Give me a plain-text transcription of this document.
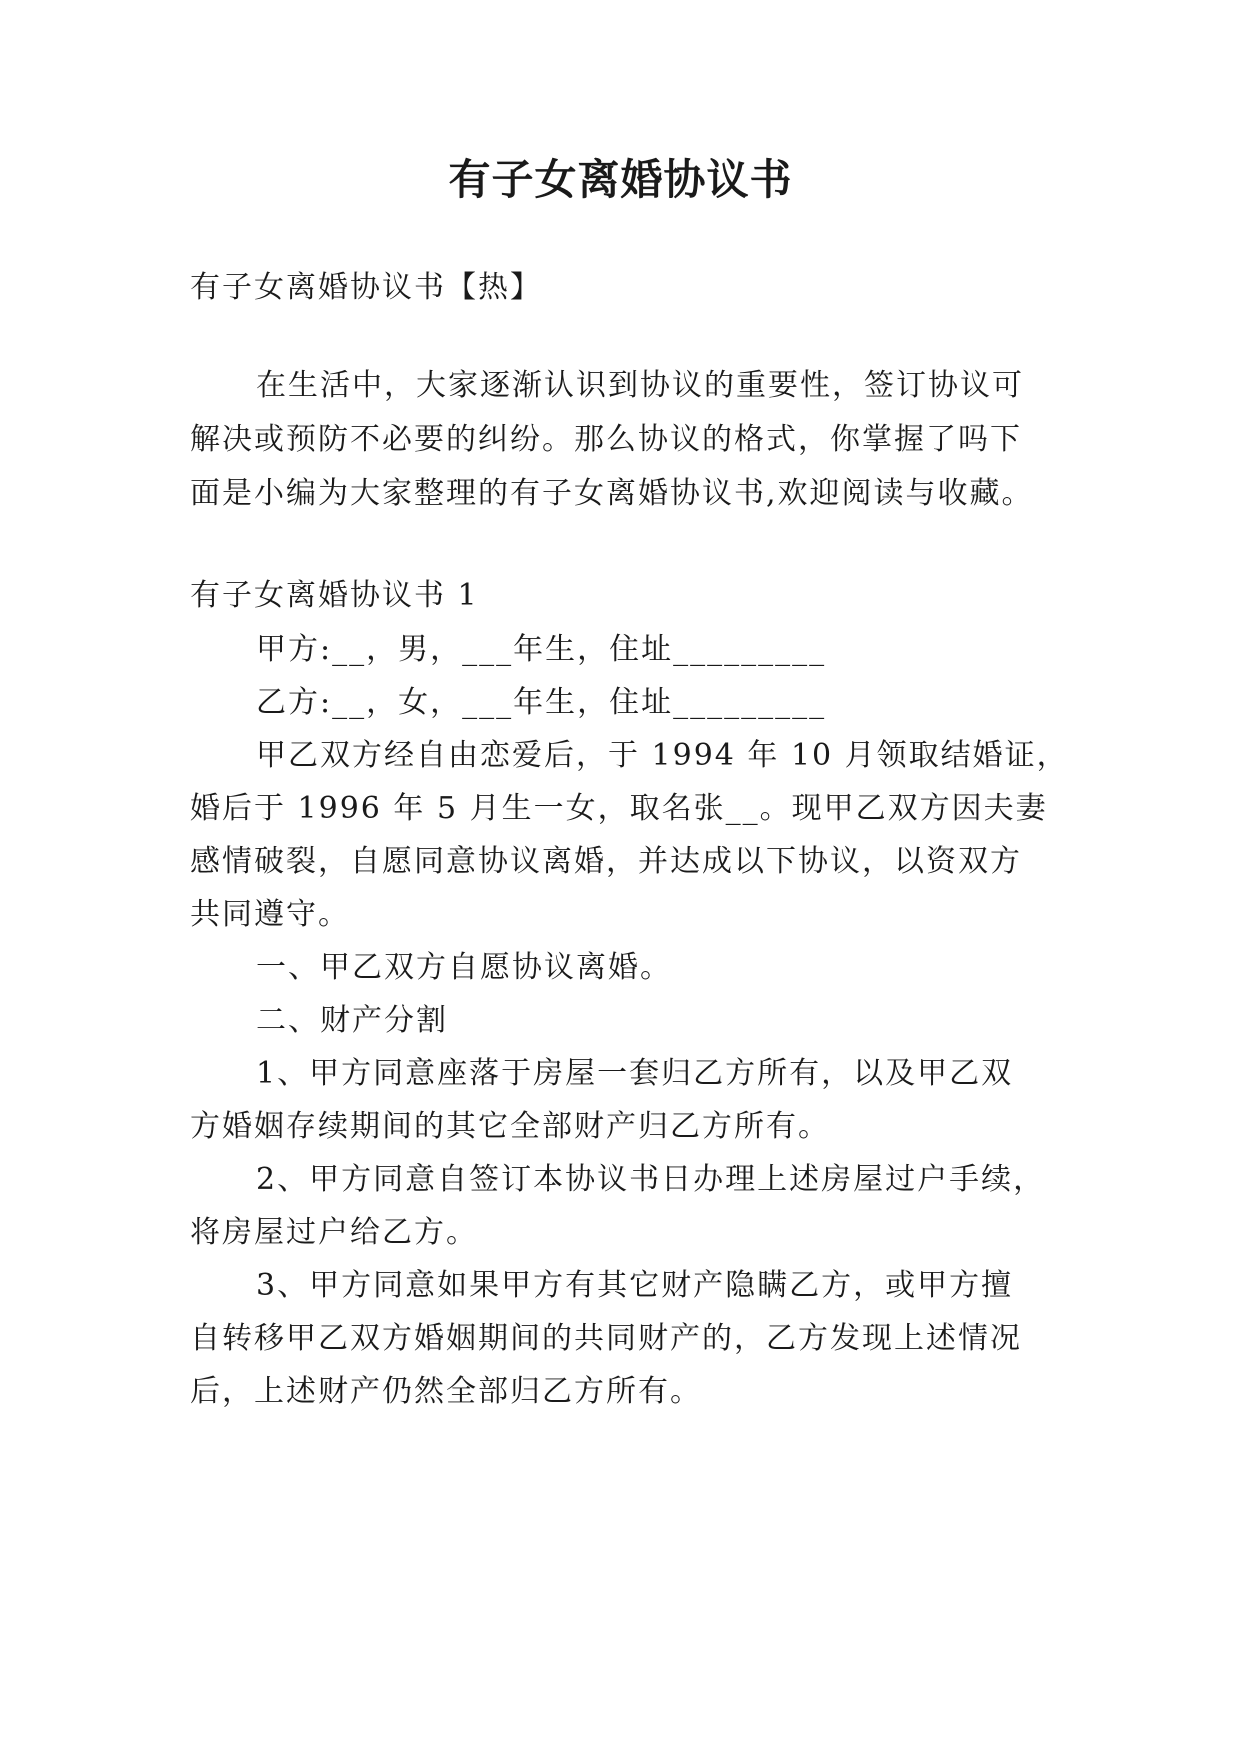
有子女离婚协议书
有子女离婚协议书【热】
在生活中，大家逐渐认识到协议的重要性，签订协议可
解决或预防不必要的纠纷。那么协议的格式，你掌握了吗下
面是小编为大家整理的有子女离婚协议书,欢迎阅读与收藏。
有子女离婚协议书 1
甲方:__，男，___年生，住址_________
乙方:__，女，___年生，住址_________
甲乙双方经自由恋爱后，于 1994 年 10 月领取结婚证，
婚后于 1996 年 5 月生一女，取名张__。现甲乙双方因夫妻
感情破裂，自愿同意协议离婚，并达成以下协议，以资双方
共同遵守。
一、甲乙双方自愿协议离婚。
二、财产分割
1、甲方同意座落于房屋一套归乙方所有，以及甲乙双
方婚姻存续期间的其它全部财产归乙方所有。
2、甲方同意自签订本协议书日办理上述房屋过户手续，
将房屋过户给乙方。
3、甲方同意如果甲方有其它财产隐瞒乙方，或甲方擅
自转移甲乙双方婚姻期间的共同财产的，乙方发现上述情况
后，上述财产仍然全部归乙方所有。
